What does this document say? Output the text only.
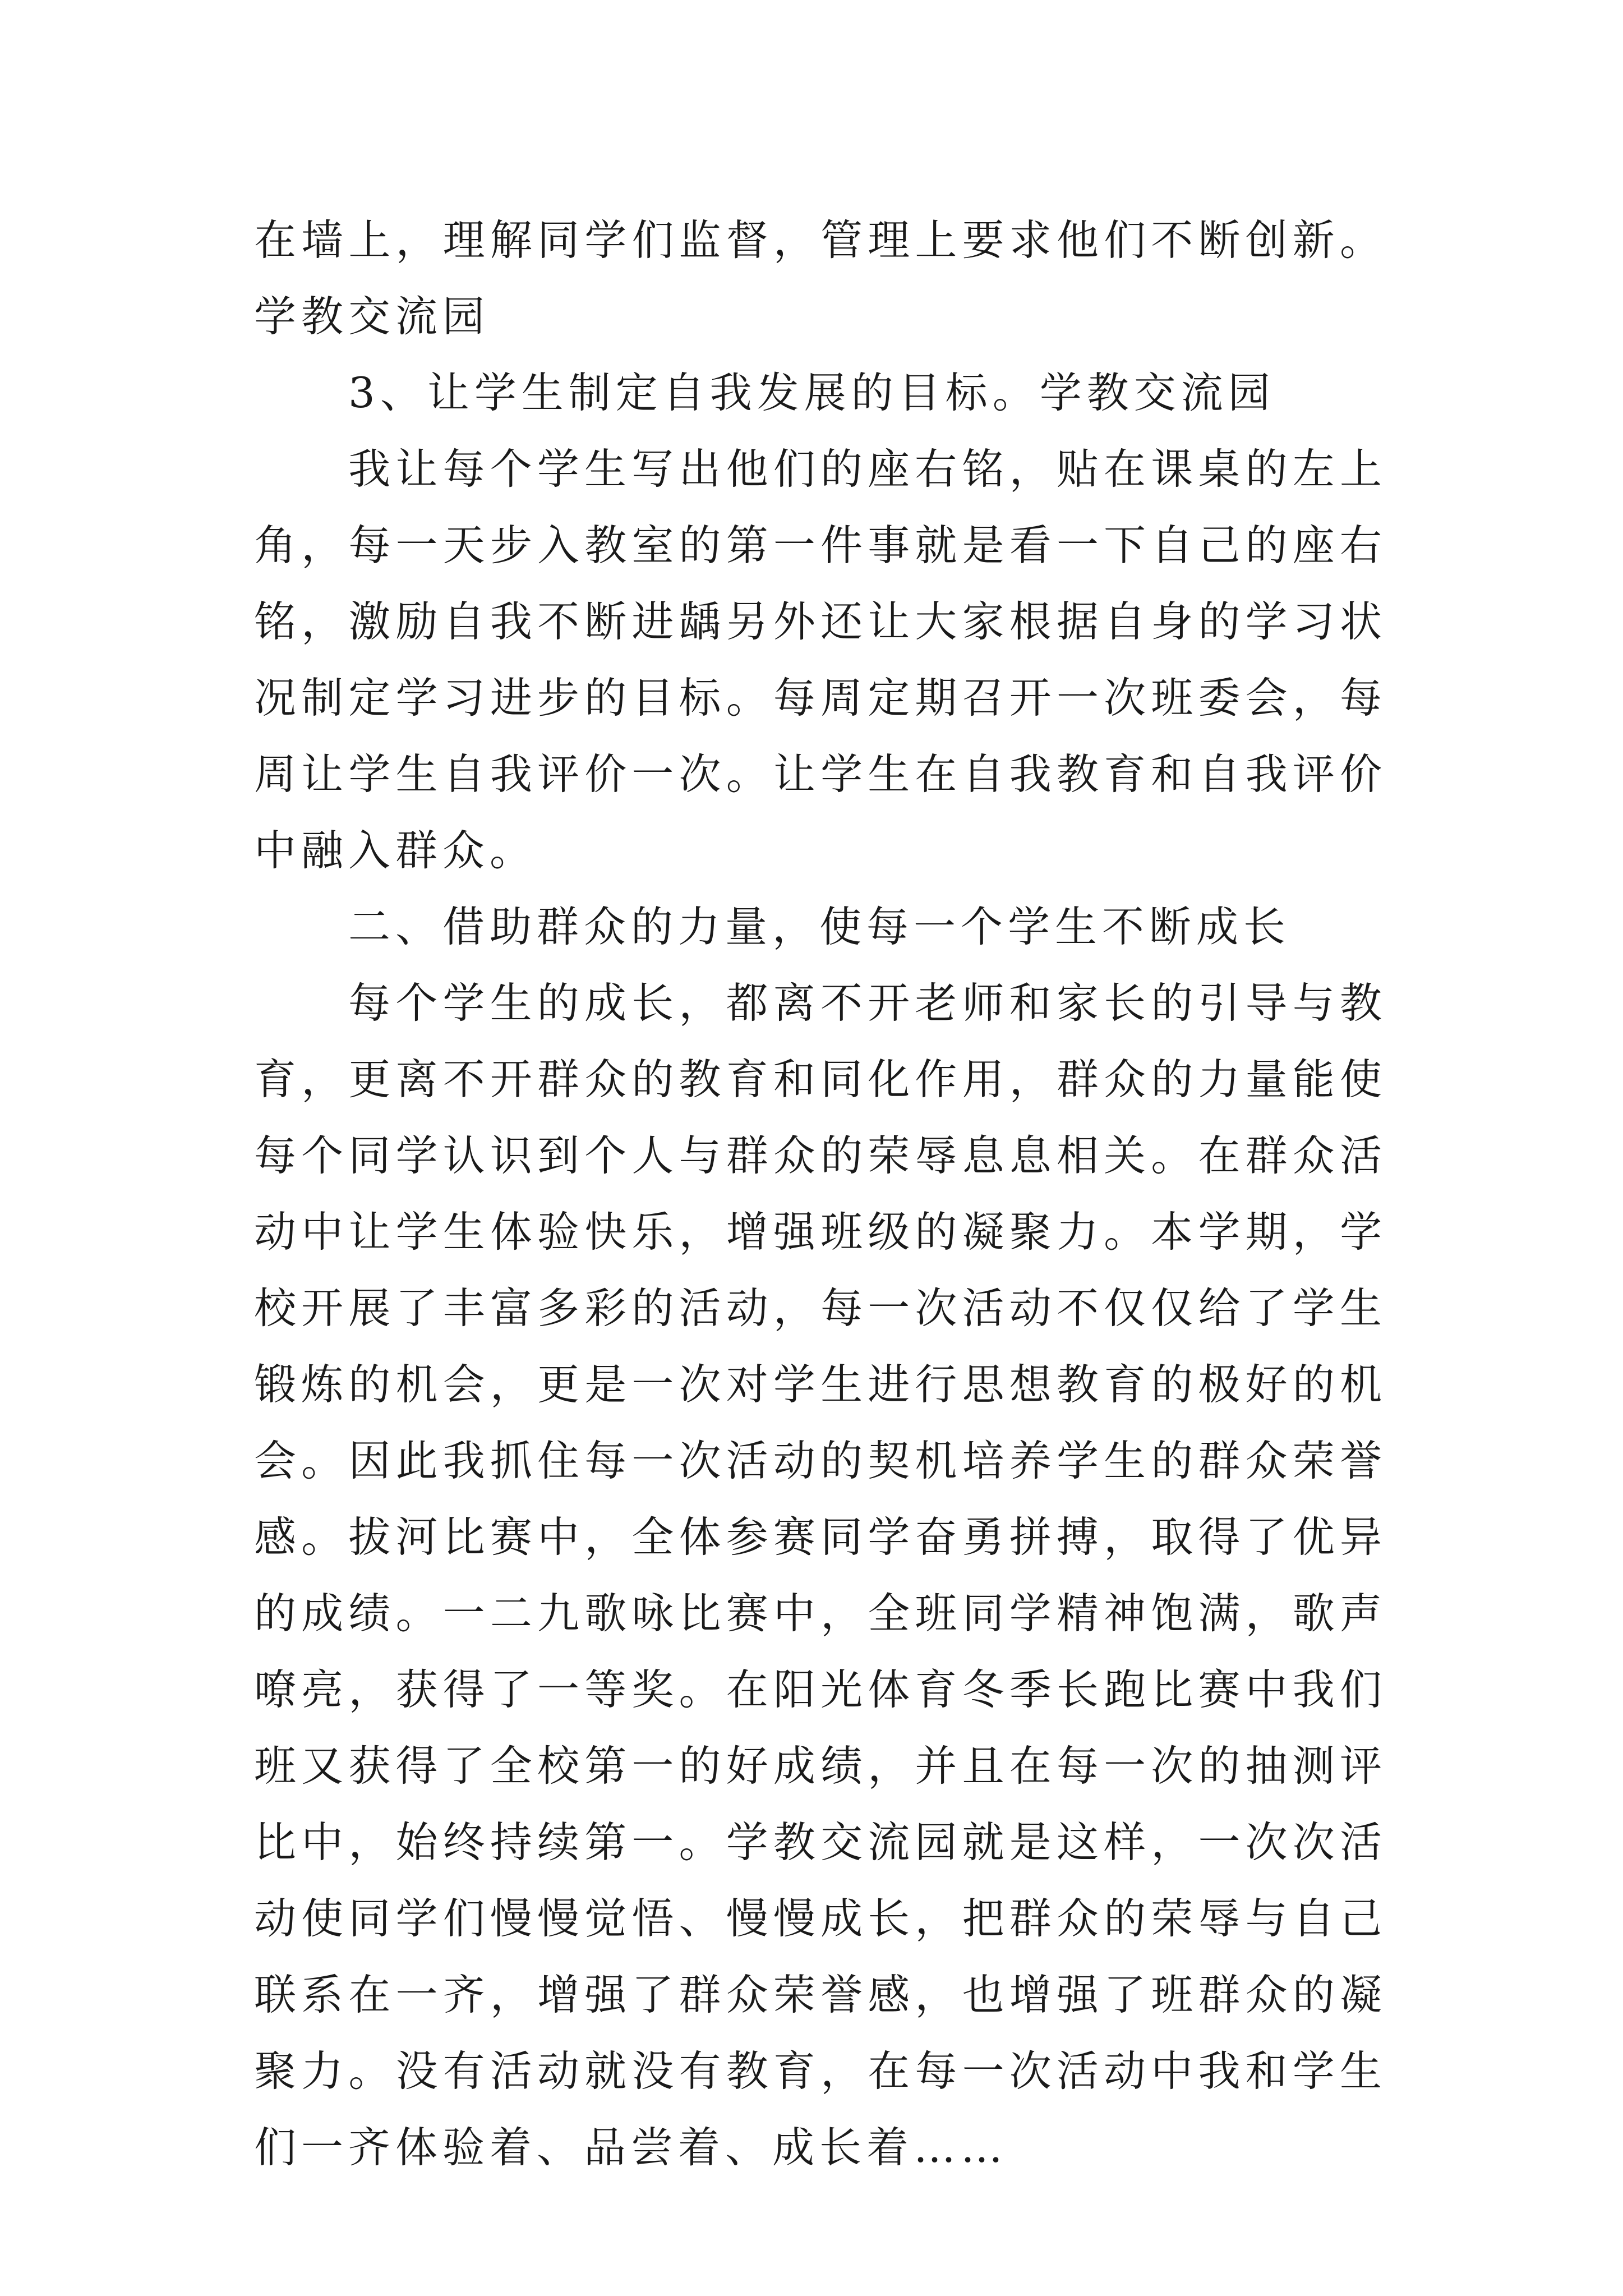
在墙上，理解同学们监督，管理上要求他们不断创新。学教交流园

3、让学生制定自我发展的目标。学教交流园

我让每个学生写出他们的座右铭，贴在课桌的左上角，每一天步入教室的第一件事就是看一下自己的座右铭，激励自我不断进龋另外还让大家根据自身的学习状况制定学习进步的目标。每周定期召开一次班委会，每周让学生自我评价一次。让学生在自我教育和自我评价中融入群众。

二、借助群众的力量，使每一个学生不断成长

每个学生的成长，都离不开老师和家长的引导与教育，更离不开群众的教育和同化作用，群众的力量能使每个同学认识到个人与群众的荣辱息息相关。在群众活动中让学生体验快乐，增强班级的凝聚力。本学期，学校开展了丰富多彩的活动，每一次活动不仅仅给了学生锻炼的机会，更是一次对学生进行思想教育的极好的机会。因此我抓住每一次活动的契机培养学生的群众荣誉感。拔河比赛中，全体参赛同学奋勇拼搏，取得了优异的成绩。一二九歌咏比赛中，全班同学精神饱满，歌声嘹亮，获得了一等奖。在阳光体育冬季长跑比赛中我们班又获得了全校第一的好成绩，并且在每一次的抽测评比中，始终持续第一。学教交流园就是这样，一次次活动使同学们慢慢觉悟、慢慢成长，把群众的荣辱与自己联系在一齐，增强了群众荣誉感，也增强了班群众的凝聚力。没有活动就没有教育，在每一次活动中我和学生们一齐体验着、品尝着、成长着……
